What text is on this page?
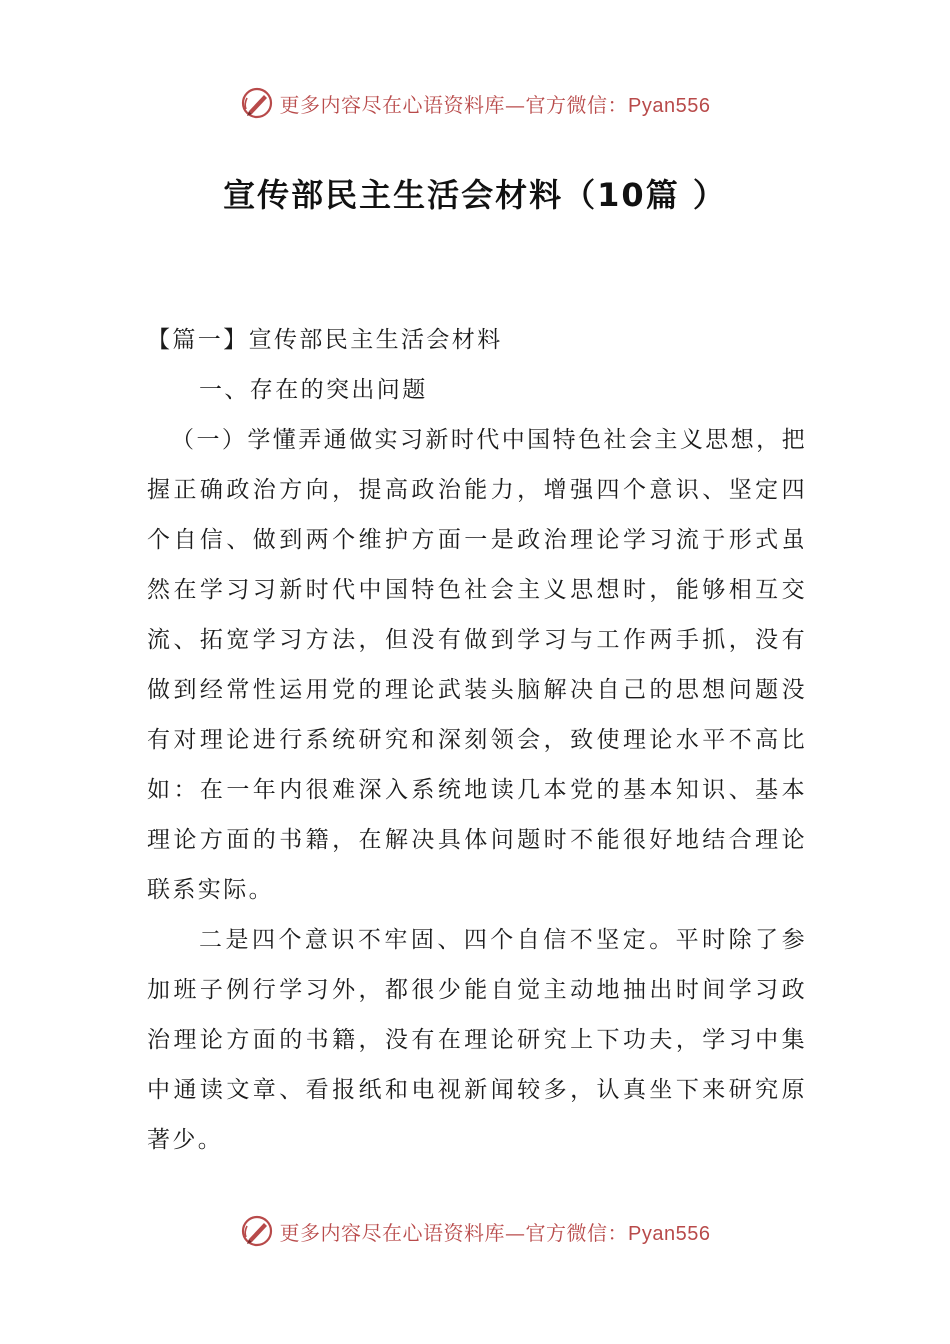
更多内容尽在心语资料库—官方微信：Pyan556
宣传部民主生活会材料（10篇 ）

【篇一】宣传部民主生活会材料

一、存在的突出问题

（一）学懂弄通做实习新时代中国特色社会主义思想，把握正确政治方向，提高政治能力，增强四个意识、坚定四个自信、做到两个维护方面一是政治理论学习流于形式虽然在学习习新时代中国特色社会主义思想时，能够相互交流、拓宽学习方法，但没有做到学习与工作两手抓，没有做到经常性运用党的理论武装头脑解决自己的思想问题没有对理论进行系统研究和深刻领会，致使理论水平不高比如：在一年内很难深入系统地读几本党的基本知识、基本理论方面的书籍，在解决具体问题时不能很好地结合理论联系实际。

二是四个意识不牢固、四个自信不坚定。平时除了参加班子例行学习外，都很少能自觉主动地抽出时间学习政治理论方面的书籍，没有在理论研究上下功夫，学习中集中通读文章、看报纸和电视新闻较多，认真坐下来研究原著少。

更多内容尽在心语资料库—官方微信：Pyan556
